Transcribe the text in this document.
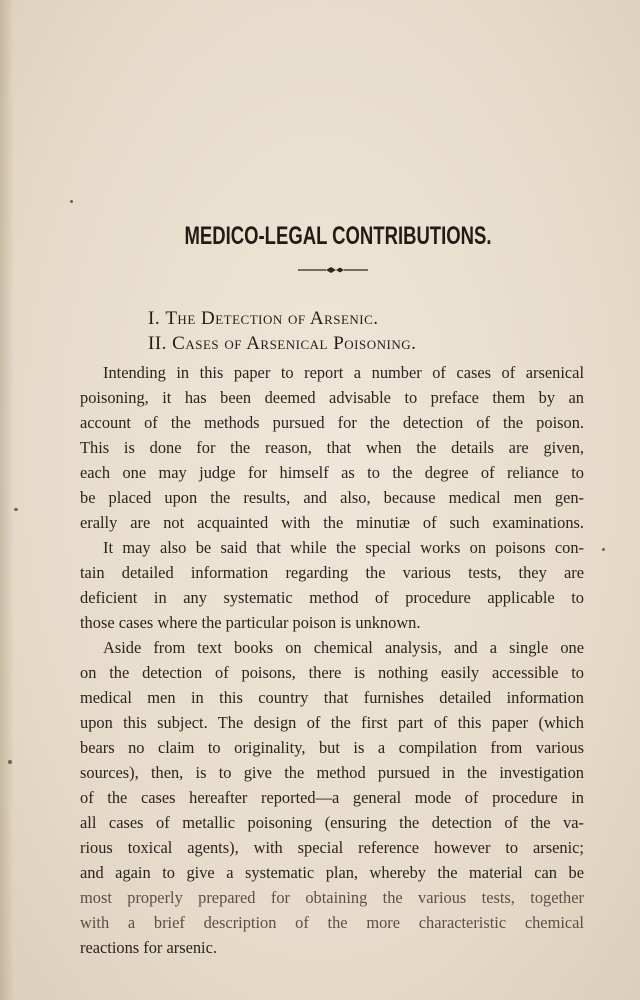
MEDICO-LEGAL CONTRIBUTIONS.
I. The Detection of Arsenic.
II. Cases of Arsenical Poisoning.
Intending in this paper to report a number of cases of arsenical
poisoning, it has been deemed advisable to preface them by an
account of the methods pursued for the detection of the poison.
This is done for the reason, that when the details are given,
each one may judge for himself as to the degree of reliance to
be placed upon the results, and also, because medical men gen-
erally are not acquainted with the minutiæ of such examinations.
It may also be said that while the special works on poisons con-
tain detailed information regarding the various tests, they are
deficient in any systematic method of procedure applicable to
those cases where the particular poison is unknown.
Aside from text books on chemical analysis, and a single one
on the detection of poisons, there is nothing easily accessible to
medical men in this country that furnishes detailed information
upon this subject. The design of the first part of this paper (which
bears no claim to originality, but is a compilation from various
sources), then, is to give the method pursued in the investigation
of the cases hereafter reported—a general mode of procedure in
all cases of metallic poisoning (ensuring the detection of the va-
rious toxical agents), with special reference however to arsenic;
and again to give a systematic plan, whereby the material can be
most properly prepared for obtaining the various tests, together
with a brief description of the more characteristic chemical
reactions for arsenic.
